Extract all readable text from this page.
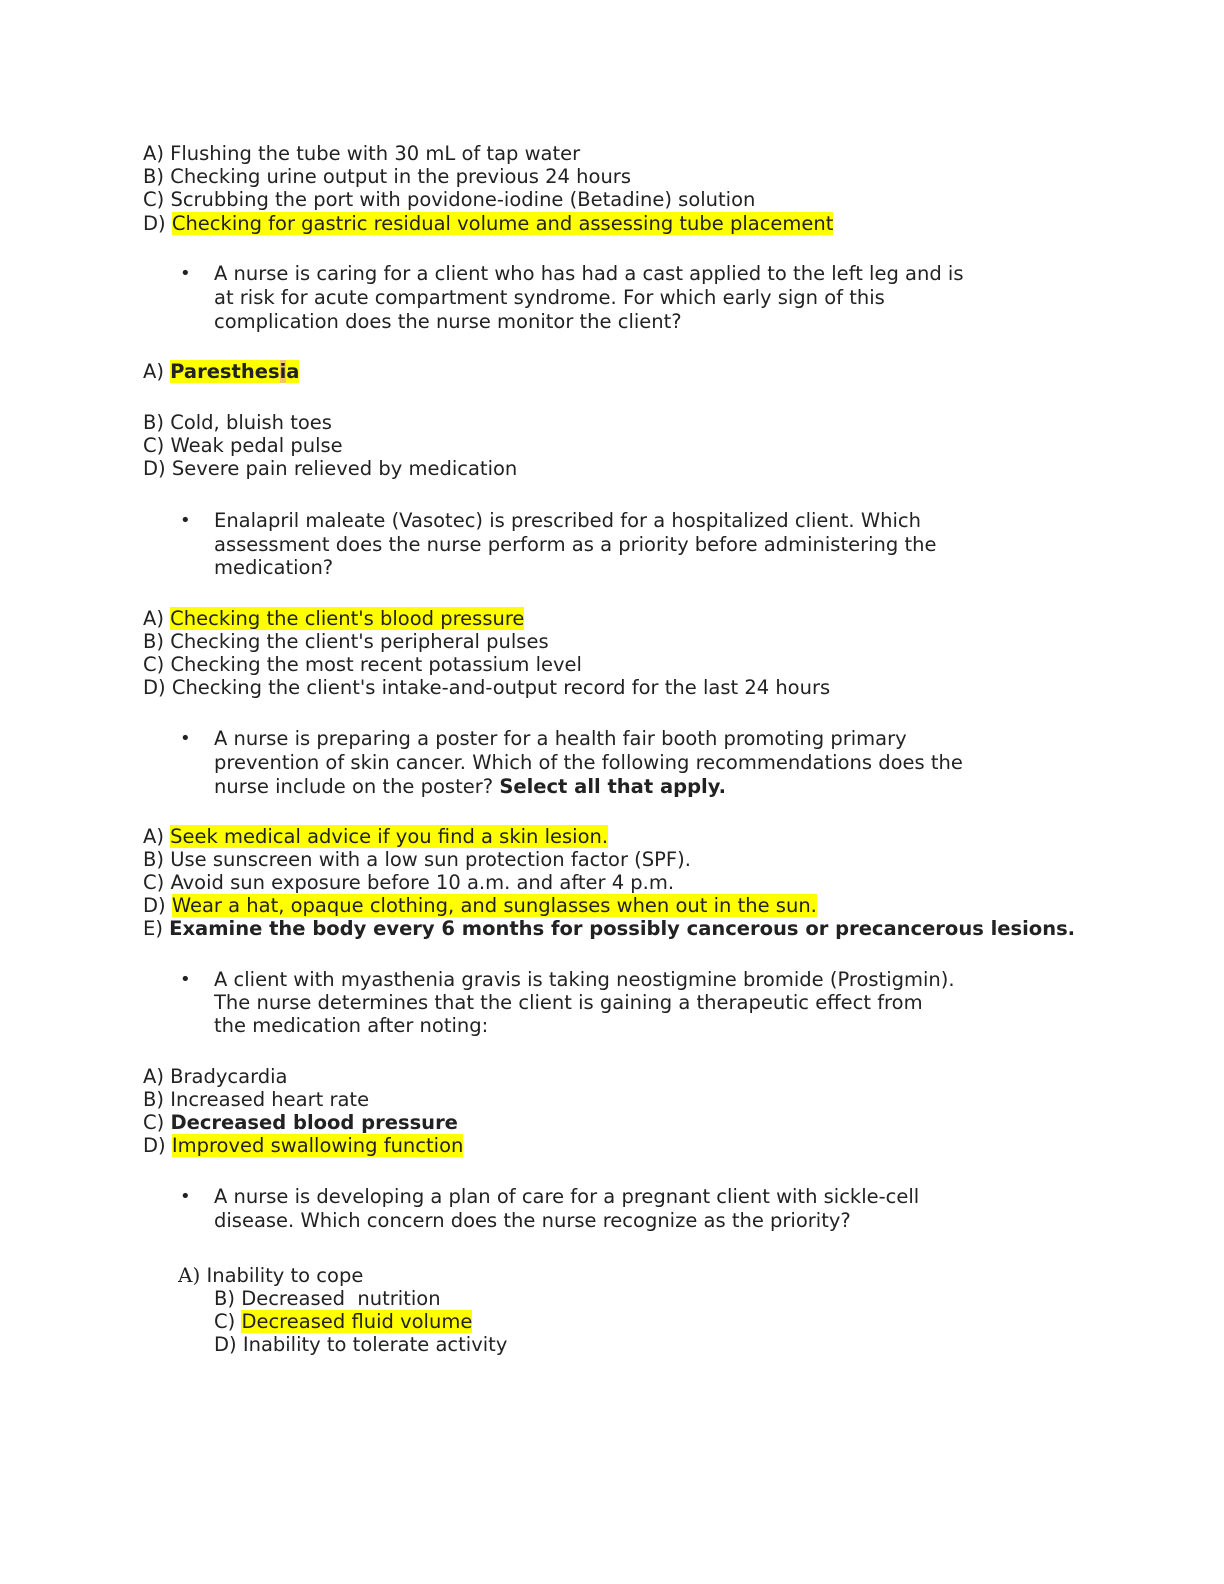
A) Flushing the tube with 30 mL of tap water
B) Checking urine output in the previous 24 hours
C) Scrubbing the port with povidone-iodine (Betadine) solution
D) Checking for gastric residual volume and assessing tube placement
• A nurse is caring for a client who has had a cast applied to the left leg and is
at risk for acute compartment syndrome. For which early sign of this
complication does the nurse monitor the client?
A) Paresthesia
B) Cold, bluish toes
C) Weak pedal pulse
D) Severe pain relieved by medication
• Enalapril maleate (Vasotec) is prescribed for a hospitalized client. Which
assessment does the nurse perform as a priority before administering the
medication?
A) Checking the client's blood pressure
B) Checking the client's peripheral pulses
C) Checking the most recent potassium level
D) Checking the client's intake-and-output record for the last 24 hours
• A nurse is preparing a poster for a health fair booth promoting primary
prevention of skin cancer. Which of the following recommendations does the
nurse include on the poster? Select all that apply.
A) Seek medical advice if you find a skin lesion.
B) Use sunscreen with a low sun protection factor (SPF).
C) Avoid sun exposure before 10 a.m. and after 4 p.m.
D) Wear a hat, opaque clothing, and sunglasses when out in the sun.
E) Examine the body every 6 months for possibly cancerous or precancerous lesions.
• A client with myasthenia gravis is taking neostigmine bromide (Prostigmin).
The nurse determines that the client is gaining a therapeutic effect from
the medication after noting:
A) Bradycardia
B) Increased heart rate
C) Decreased blood pressure
D) Improved swallowing function
• A nurse is developing a plan of care for a pregnant client with sickle-cell
disease. Which concern does the nurse recognize as the priority?
A) Inability to cope
B) Decreased  nutrition
C) Decreased fluid volume
D) Inability to tolerate activity
